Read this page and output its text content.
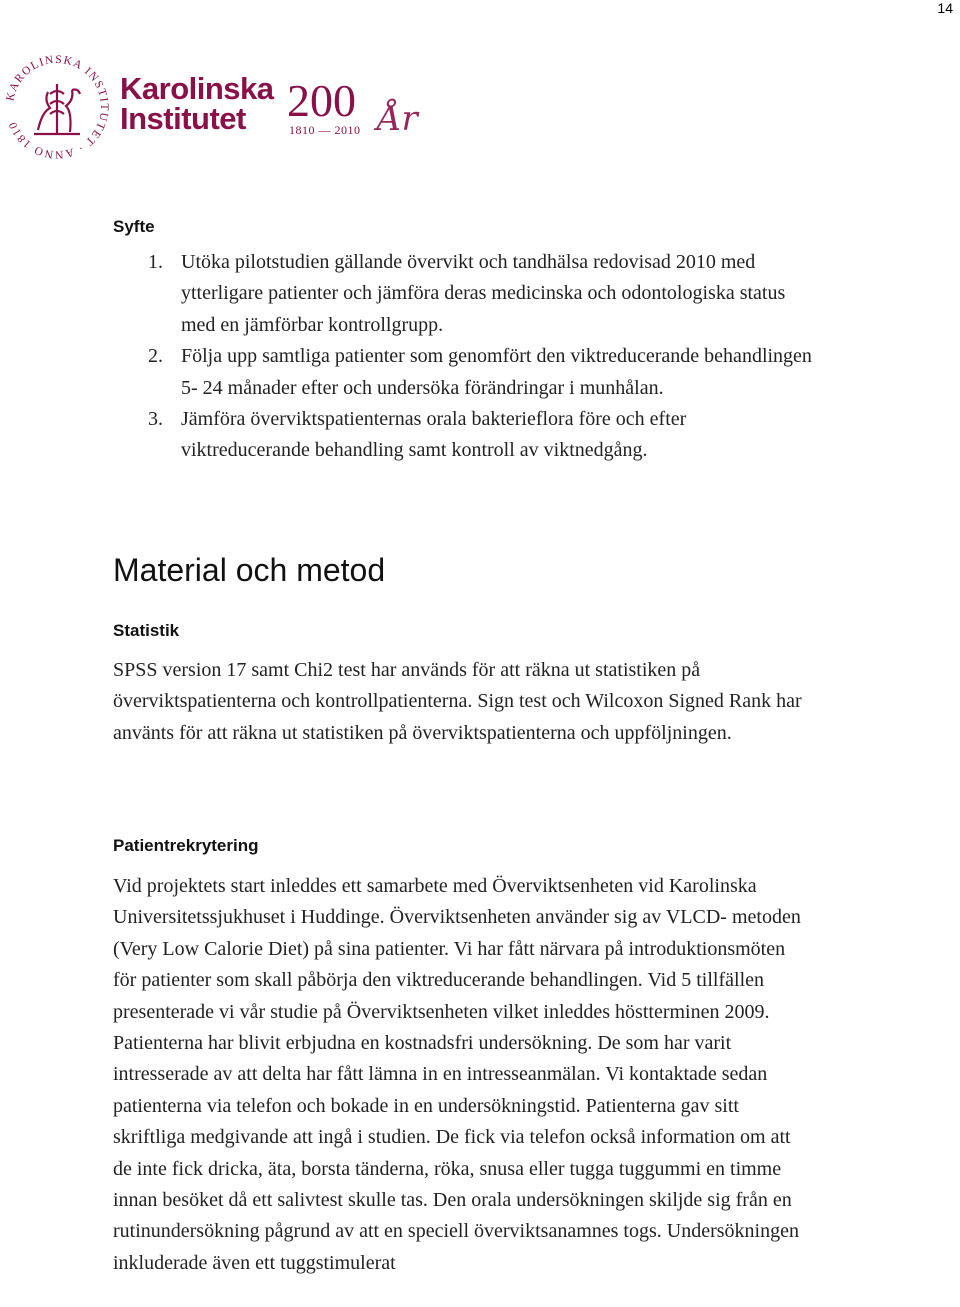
14
KAROLINSKA INSTITUTET · ANNO 1810
Karolinska
Institutet 200
1810 — 2010 År
Syfte
1. Utöka pilotstudien gällande övervikt och tandhälsa redovisad 2010 med ytterligare patienter och jämföra deras medicinska och odontologiska status med en jämförbar kontrollgrupp.
2. Följa upp samtliga patienter som genomfört den viktreducerande behandlingen 5- 24 månader efter och undersöka förändringar i munhålan.
3. Jämföra överviktspatienternas orala bakterieflora före och efter viktreducerande behandling samt kontroll av viktnedgång.
Material och metod
Statistik

SPSS version 17 samt Chi2 test har används för att räkna ut statistiken på överviktspatienterna och kontrollpatienterna. Sign test och Wilcoxon Signed Rank har använts för att räkna ut statistiken på överviktspatienterna och uppföljningen.

Patientrekrytering

Vid projektets start inleddes ett samarbete med Överviktsenheten vid Karolinska Universitetssjukhuset i Huddinge. Överviktsenheten använder sig av VLCD- metoden (Very Low Calorie Diet) på sina patienter. Vi har fått närvara på introduktionsmöten för patienter som skall påbörja den viktreducerande behandlingen. Vid 5 tillfällen presenterade vi vår studie på Överviktsenheten vilket inleddes höstterminen 2009. Patienterna har blivit erbjudna en kostnadsfri undersökning. De som har varit intresserade av att delta har fått lämna in en intresseanmälan. Vi kontaktade sedan patienterna via telefon och bokade in en undersökningstid. Patienterna gav sitt skriftliga medgivande att ingå i studien. De fick via telefon också information om att de inte fick dricka, äta, borsta tänderna, röka, snusa eller tugga tuggummi en timme innan besöket då ett salivtest skulle tas. Den orala undersökningen skiljde sig från en rutinundersökning pågrund av att en speciell överviktsanamnes togs. Undersökningen inkluderade även ett tuggstimulerat
